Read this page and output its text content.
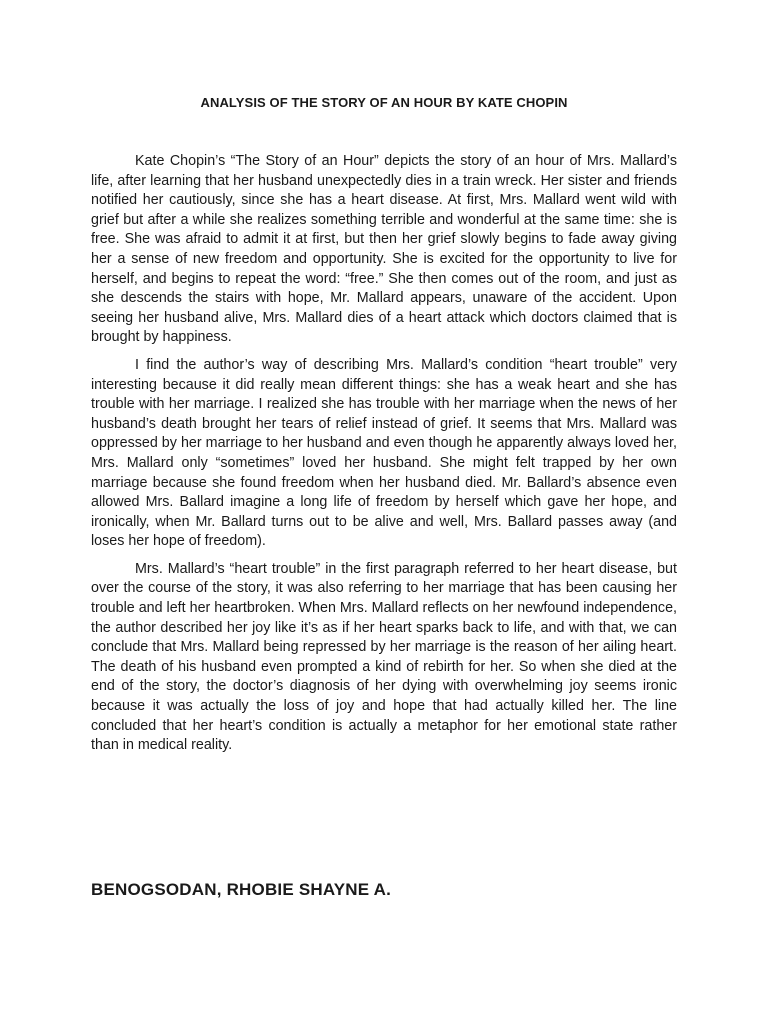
ANALYSIS OF THE STORY OF AN HOUR BY KATE CHOPIN

Kate Chopin’s “The Story of an Hour” depicts the story of an hour of Mrs. Mallard’s life, after learning that her husband unexpectedly dies in a train wreck. Her sister and friends notified her cautiously, since she has a heart disease. At first, Mrs. Mallard went wild with grief but after a while she realizes something terrible and wonderful at the same time: she is free. She was afraid to admit it at first, but then her grief slowly begins to fade away giving her a sense of new freedom and opportunity. She is excited for the opportunity to live for herself, and begins to repeat the word: “free.” She then comes out of the room, and just as she descends the stairs with hope, Mr. Mallard appears, unaware of the accident. Upon seeing her husband alive, Mrs. Mallard dies of a heart attack which doctors claimed that is brought by happiness.

I find the author’s way of describing Mrs. Mallard’s condition “heart trouble” very interesting because it did really mean different things: she has a weak heart and she has trouble with her marriage. I realized she has trouble with her marriage when the news of her husband’s death brought her tears of relief instead of grief. It seems that Mrs. Mallard was oppressed by her marriage to her husband and even though he apparently always loved her, Mrs. Mallard only “sometimes” loved her husband. She might felt trapped by her own marriage because she found freedom when her husband died. Mr. Ballard’s absence even allowed Mrs. Ballard imagine a long life of freedom by herself which gave her hope, and ironically, when Mr. Ballard turns out to be alive and well, Mrs. Ballard passes away (and loses her hope of freedom).

Mrs. Mallard’s “heart trouble” in the first paragraph referred to her heart disease, but over the course of the story, it was also referring to her marriage that has been causing her trouble and left her heartbroken. When Mrs. Mallard reflects on her newfound independence, the author described her joy like it’s as if her heart sparks back to life, and with that, we can conclude that Mrs. Mallard being repressed by her marriage is the reason of her ailing heart. The death of his husband even prompted a kind of rebirth for her. So when she died at the end of the story, the doctor’s diagnosis of her dying with overwhelming joy seems ironic because it was actually the loss of joy and hope that had actually killed her. The line concluded that her heart’s condition is actually a metaphor for her emotional state rather than in medical reality.

BENOGSODAN, RHOBIE SHAYNE A.
